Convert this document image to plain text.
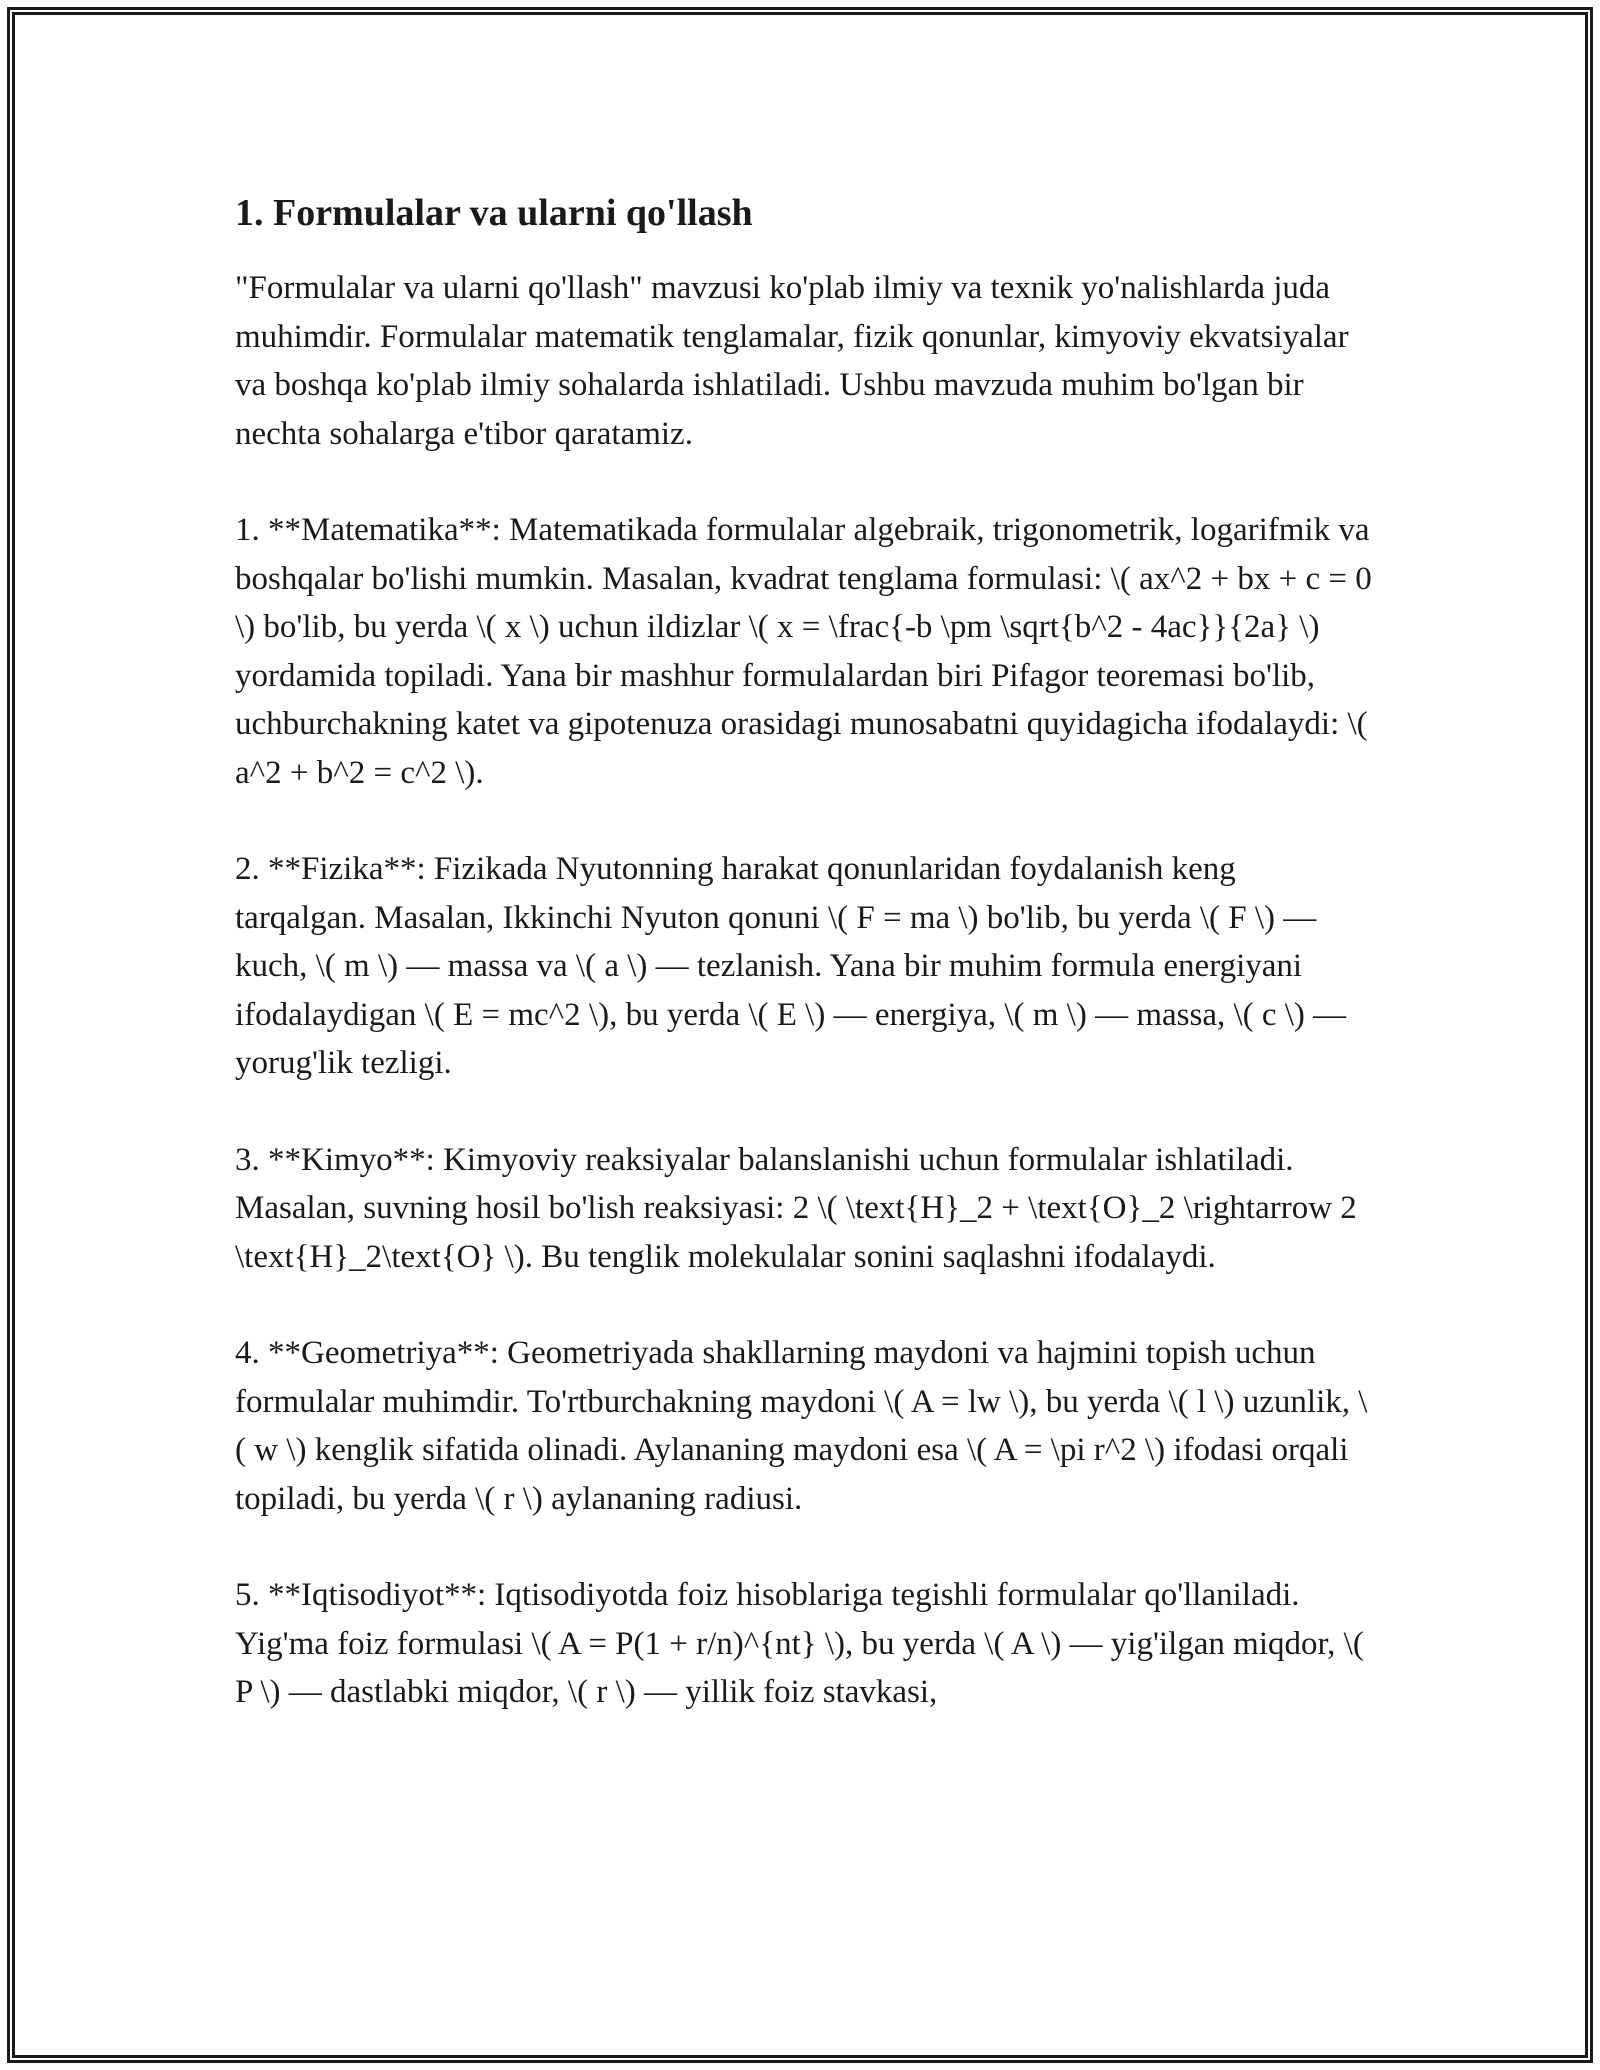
1. Formulalar va ularni qo'llash

"Formulalar va ularni qo'llash" mavzusi ko'plab ilmiy va texnik yo'nalishlarda juda muhimdir. Formulalar matematik tenglamalar, fizik qonunlar, kimyoviy ekvatsiyalar va boshqa ko'plab ilmiy sohalarda ishlatiladi. Ushbu mavzuda muhim bo'lgan bir nechta sohalarga e'tibor qaratamiz.

1. **Matematika**: Matematikada formulalar algebraik, trigonometrik, logarifmik va boshqalar bo'lishi mumkin. Masalan, kvadrat tenglama formulasi: \( ax^2 + bx + c = 0 \) bo'lib, bu yerda \( x \) uchun ildizlar \( x = \frac{-b \pm \sqrt{b^2 - 4ac}}{2a} \) yordamida topiladi. Yana bir mashhur formulalardan biri Pifagor teoremasi bo'lib, uchburchakning katet va gipotenuza orasidagi munosabatni quyidagicha ifodalaydi: \( a^2 + b^2 = c^2 \).

2. **Fizika**: Fizikada Nyutonning harakat qonunlaridan foydalanish keng tarqalgan. Masalan, Ikkinchi Nyuton qonuni \( F = ma \) bo'lib, bu yerda \( F \) — kuch, \( m \) — massa va \( a \) — tezlanish. Yana bir muhim formula energiyani ifodalaydigan \( E = mc^2 \), bu yerda \( E \) — energiya, \( m \) — massa, \( c \) — yorug'lik tezligi.

3. **Kimyo**: Kimyoviy reaksiyalar balanslanishi uchun formulalar ishlatiladi. Masalan, suvning hosil bo'lish reaksiyasi: 2 \( \text{H}_2 + \text{O}_2 \rightarrow 2 \text{H}_2\text{O} \). Bu tenglik molekulalar sonini saqlashni ifodalaydi.

4. **Geometriya**: Geometriyada shakllarning maydoni va hajmini topish uchun formulalar muhimdir. To'rtburchakning maydoni \( A = lw \), bu yerda \( l \) uzunlik, \( w \) kenglik sifatida olinadi. Aylananing maydoni esa \( A = \pi r^2 \) ifodasi orqali topiladi, bu yerda \( r \) aylananing radiusi.

5. **Iqtisodiyot**: Iqtisodiyotda foiz hisoblariga tegishli formulalar qo'llaniladi. Yig'ma foiz formulasi \( A = P(1 + r/n)^{nt} \), bu yerda \( A \) — yig'ilgan miqdor, \( P \) — dastlabki miqdor, \( r \) — yillik foiz stavkasi,
